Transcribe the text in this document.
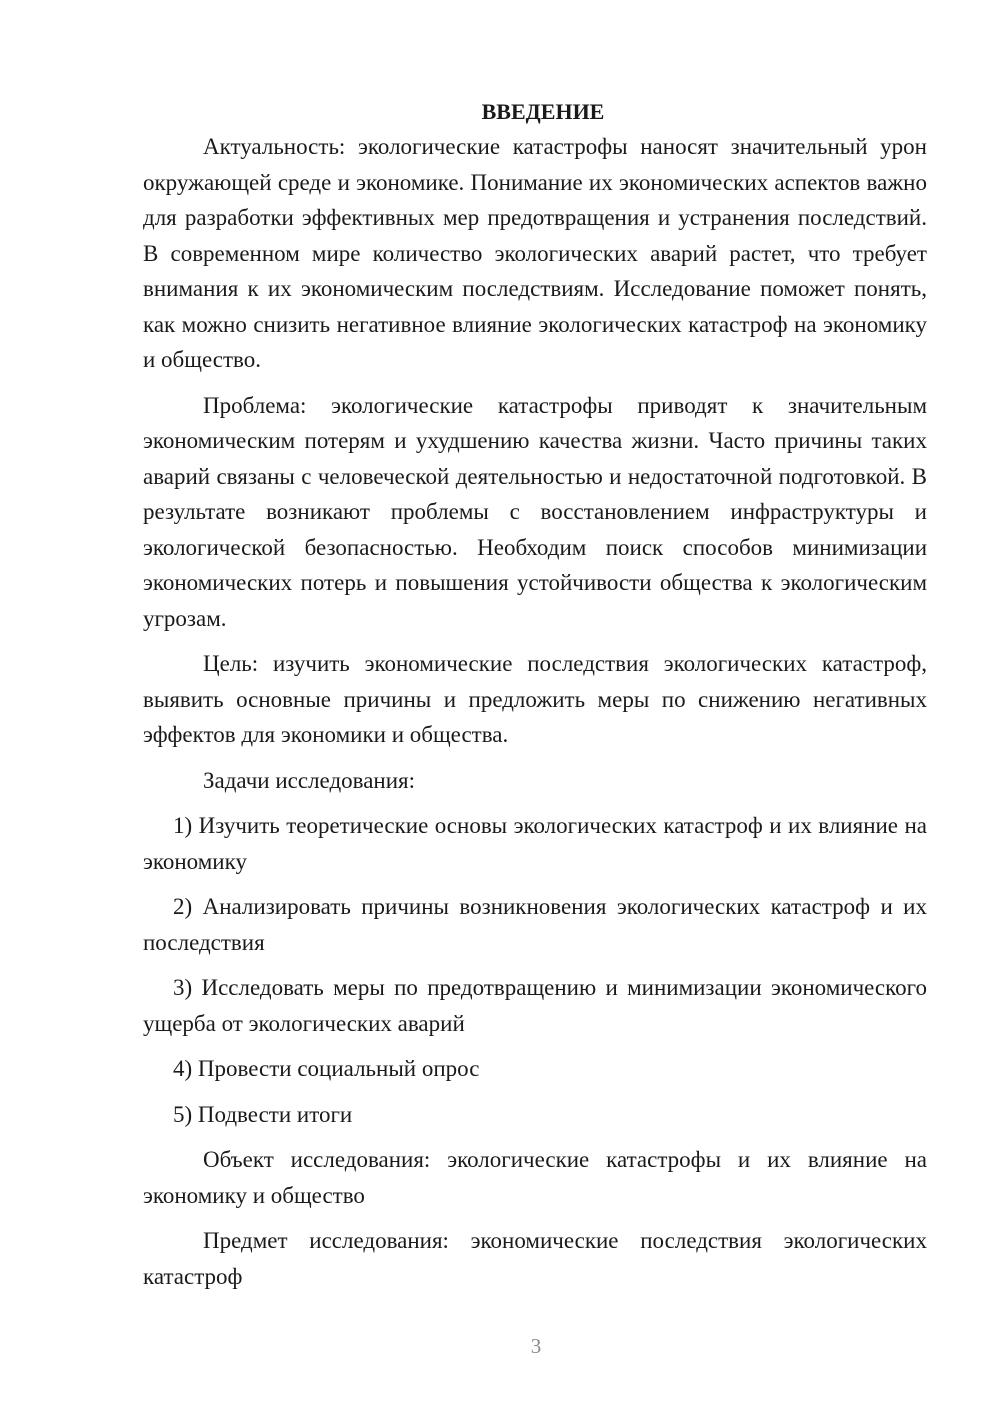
ВВЕДЕНИЕ

Актуальность: экологические катастрофы наносят значительный урон окружающей среде и экономике. Понимание их экономических аспектов важно для разработки эффективных мер предотвращения и устранения последствий. В современном мире количество экологических аварий растет, что требует внимания к их экономическим последствиям. Исследование поможет понять, как можно снизить негативное влияние экологических катастроф на экономику и общество.

Проблема: экологические катастрофы приводят к значительным экономическим потерям и ухудшению качества жизни. Часто причины таких аварий связаны с человеческой деятельностью и недостаточной подготовкой. В результате возникают проблемы с восстановлением инфраструктуры и экологической безопасностью. Необходим поиск способов минимизации экономических потерь и повышения устойчивости общества к экологическим угрозам.

Цель: изучить экономические последствия экологических катастроф, выявить основные причины и предложить меры по снижению негативных эффектов для экономики и общества.

Задачи исследования:

1) Изучить теоретические основы экологических катастроф и их влияние на экономику

2) Анализировать причины возникновения экологических катастроф и их последствия

3) Исследовать меры по предотвращению и минимизации экономического ущерба от экологических аварий

4) Провести социальный опрос

5) Подвести итоги

Объект исследования: экологические катастрофы и их влияние на экономику и общество

Предмет исследования: экономические последствия экологических катастроф

3
